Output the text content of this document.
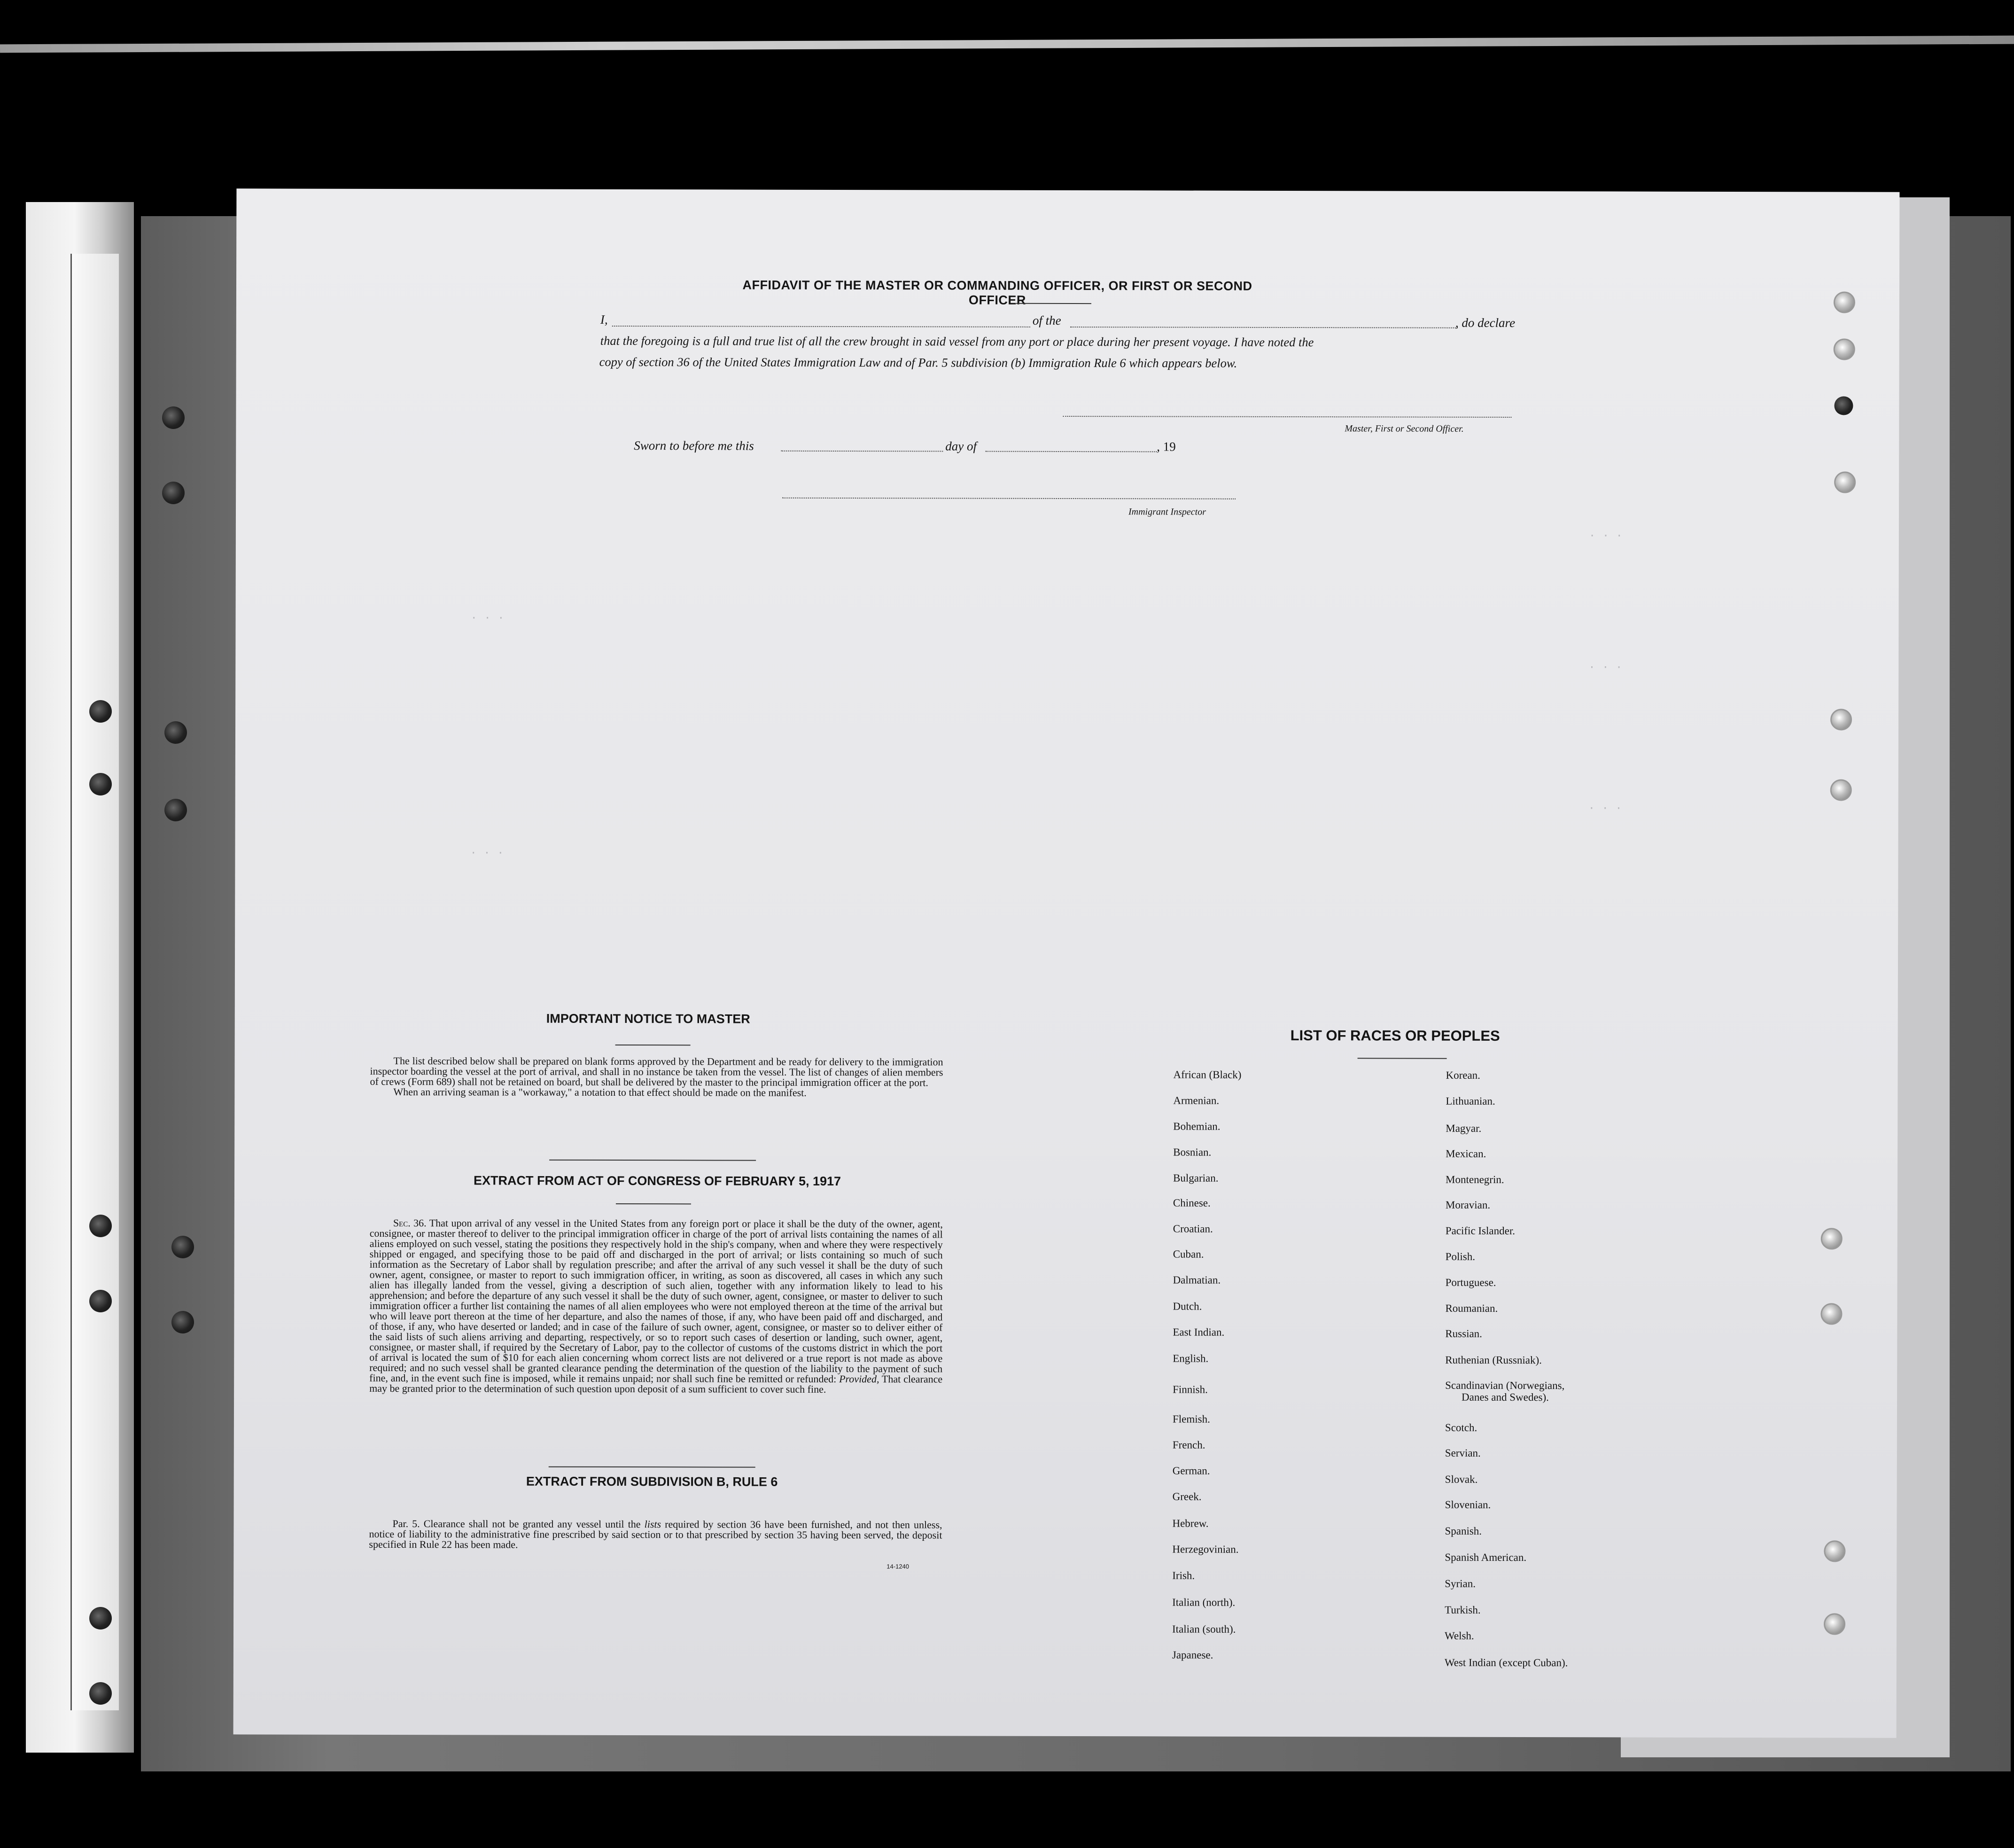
· · ·
· · ·
· · ·
· · ·
· · ·
AFFIDAVIT OF THE MASTER OR COMMANDING OFFICER, OR FIRST OR SECOND OFFICER
I,	of the	, do declare
that the foregoing is a full and true list of all the crew brought in said vessel from any port or place during her present voyage. I have noted the
copy of section 36 of the United States Immigration Law and of Par. 5 subdivision (b) Immigration Rule 6 which appears below.
Master, First or Second Officer.
Sworn to before me this	day of	, 19
Immigrant Inspector
IMPORTANT NOTICE TO MASTER

The list described below shall be prepared on blank forms approved by the Department and be ready for delivery to the immigration inspector boarding the vessel at the port of arrival, and shall in no instance be taken from the vessel. The list of changes of alien members of crews (Form 689) shall not be retained on board, but shall be delivered by the master to the principal immigration officer at the port.

When an arriving seaman is a "workaway," a notation to that effect should be made on the manifest.

EXTRACT FROM ACT OF CONGRESS OF FEBRUARY 5, 1917

Sec. 36. That upon arrival of any vessel in the United States from any foreign port or place it shall be the duty of the owner, agent, consignee, or master thereof to deliver to the principal immigration officer in charge of the port of arrival lists containing the names of all aliens employed on such vessel, stating the positions they respectively hold in the ship's company, when and where they were respectively shipped or engaged, and specifying those to be paid off and discharged in the port of arrival; or lists containing so much of such information as the Secretary of Labor shall by regulation prescribe; and after the arrival of any such vessel it shall be the duty of such owner, agent, consignee, or master to report to such immigration officer, in writing, as soon as discovered, all cases in which any such alien has illegally landed from the vessel, giving a description of such alien, together with any information likely to lead to his apprehension; and before the departure of any such vessel it shall be the duty of such owner, agent, consignee, or master to deliver to such immigration officer a further list containing the names of all alien employees who were not employed thereon at the time of the arrival but who will leave port thereon at the time of her departure, and also the names of those, if any, who have been paid off and discharged, and of those, if any, who have deserted or landed; and in case of the failure of such owner, agent, consignee, or master so to deliver either of the said lists of such aliens arriving and departing, respectively, or so to report such cases of desertion or landing, such owner, agent, consignee, or master shall, if required by the Secretary of Labor, pay to the collector of customs of the customs district in which the port of arrival is located the sum of $10 for each alien concerning whom correct lists are not delivered or a true report is not made as above required; and no such vessel shall be granted clearance pending the determination of the question of the liability to the payment of such fine, and, in the event such fine is imposed, while it remains unpaid; nor shall such fine be remitted or refunded: Provided, That clearance may be granted prior to the determination of such question upon deposit of a sum sufficient to cover such fine.

EXTRACT FROM SUBDIVISION B, RULE 6

Par. 5. Clearance shall not be granted any vessel until the lists required by section 36 have been furnished, and not then unless, notice of liability to the administrative fine prescribed by said section or to that prescribed by section 35 having been served, the deposit specified in Rule 22 has been made.

14-1240
LIST OF RACES OR PEOPLES
African (Black)
Armenian.
Bohemian.
Bosnian.
Bulgarian.
Chinese.
Croatian.
Cuban.
Dalmatian.
Dutch.
East Indian.
English.
Finnish.
Flemish.
French.
German.
Greek.
Hebrew.
Herzegovinian.
Irish.
Italian (north).
Italian (south).
Japanese.
Korean.
Lithuanian.
Magyar.
Mexican.
Montenegrin.
Moravian.
Pacific Islander.
Polish.
Portuguese.
Roumanian.
Russian.
Ruthenian (Russniak).
Scandinavian (Norwegians,
Danes and Swedes).
Scotch.
Servian.
Slovak.
Slovenian.
Spanish.
Spanish American.
Syrian.
Turkish.
Welsh.
West Indian (except Cuban).
